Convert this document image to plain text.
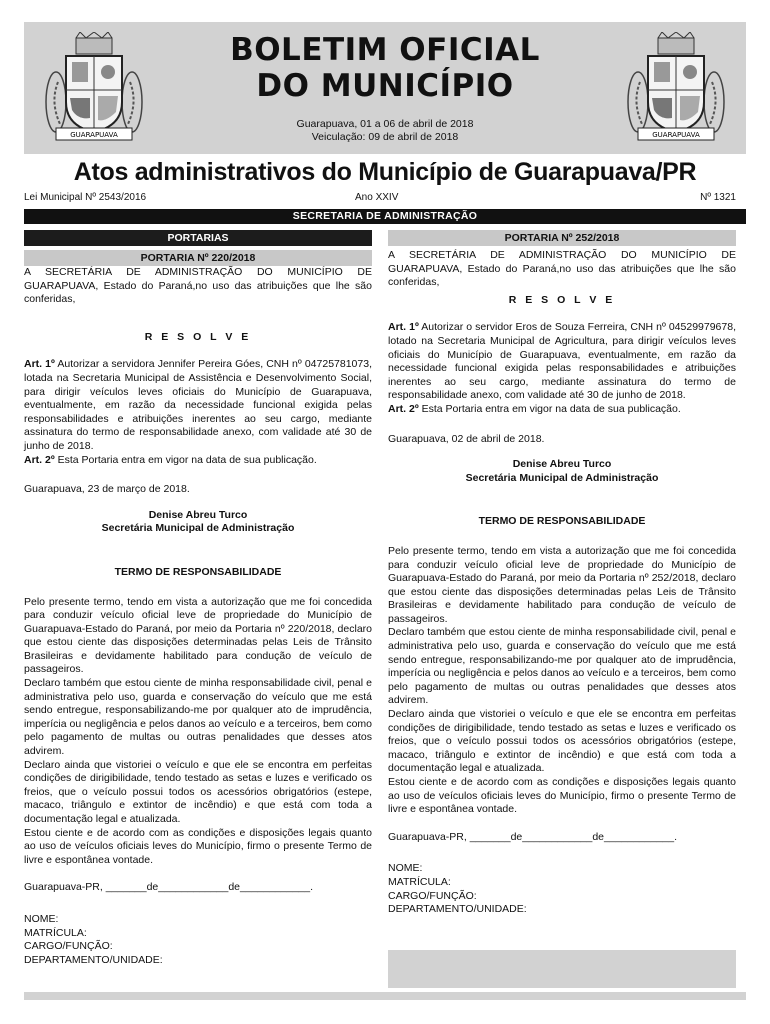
GUARAPUAVA
BOLETIM OFICIAL
DO MUNICÍPIO
Guarapuava, 01 a 06 de abril de 2018
Veiculação: 09 de abril de 2018	GUARAPUAVA
Atos administrativos do Município de Guarapuava/PR
Lei Municipal Nº 2543/2016	Ano XXIV	Nº 1321
SECRETARIA DE ADMINISTRAÇÃO
PORTARIAS
PORTARIA Nº 220/2018

A SECRETÁRIA DE ADMINISTRAÇÃO DO MUNICÍPIO DE GUARAPUAVA, Estado do Paraná,no uso das atribuições que lhe são conferidas,

R E S O L V E

Art. 1º Autorizar a servidora Jennifer Pereira Góes, CNH nº 04725781073, lotada na Secretaria Municipal de Assistência e Desenvolvimento Social, para dirigir veículos leves oficiais do Município de Guarapuava, eventualmente, em razão da necessidade funcional exigida pelas responsabilidades e atribuições inerentes ao seu cargo, mediante assinatura do termo de responsabilidade anexo, com validade até 30 de junho de 2018.

Art. 2º Esta Portaria entra em vigor na data de sua publicação.

Guarapuava, 23 de março de 2018.

Denise Abreu Turco

Secretária Municipal de Administração

TERMO DE RESPONSABILIDADE

Pelo presente termo, tendo em vista a autorização que me foi concedida para conduzir veículo oficial leve de propriedade do Município de Guarapuava-Estado do Paraná, por meio da Portaria nº 220/2018, declaro que estou ciente das disposições determinadas pelas Leis de Trânsito Brasileiras e devidamente habilitado para condução de veículo de passageiros.

Declaro também que estou ciente de minha responsabilidade civil, penal e administrativa pelo uso, guarda e conservação do veículo que me está sendo entregue, responsabilizando-me por qualquer ato de imprudência, imperícia ou negligência e pelos danos ao veículo e a terceiros, bem como pelo pagamento de multas ou outras penalidades que desses atos advirem.

Declaro ainda que vistoriei o veículo e que ele se encontra em perfeitas condições de dirigibilidade, tendo testado as setas e luzes e verificado os freios, que o veículo possui todos os acessórios obrigatórios (estepe, macaco, triângulo e extintor de incêndio) e que está com toda a documentação legal e atualizada.

Estou ciente e de acordo com as condições e disposições legais quanto ao uso de veículos oficiais leves do Município, firmo o presente Termo de livre e espontânea vontade.

Guarapuava-PR, _______de____________de____________.

NOME:

MATRÍCULA:

CARGO/FUNÇÃO:

DEPARTAMENTO/UNIDADE:

PORTARIA Nº 252/2018

A SECRETÁRIA DE ADMINISTRAÇÃO DO MUNICÍPIO DE GUARAPUAVA, Estado do Paraná,no uso das atribuições que lhe são conferidas,

R E S O L V E

Art. 1º Autorizar o servidor Eros de Souza Ferreira, CNH nº 04529979678, lotado na Secretaria Municipal de Agricultura, para dirigir veículos leves oficiais do Município de Guarapuava, eventualmente, em razão da necessidade funcional exigida pelas responsabilidades e atribuições inerentes ao seu cargo, mediante assinatura do termo de responsabilidade anexo, com validade até 30 de junho de 2018.

Art. 2º Esta Portaria entra em vigor na data de sua publicação.

Guarapuava, 02 de abril de 2018.

Denise Abreu Turco

Secretária Municipal de Administração

TERMO DE RESPONSABILIDADE

Pelo presente termo, tendo em vista a autorização que me foi concedida para conduzir veículo oficial leve de propriedade do Município de Guarapuava-Estado do Paraná, por meio da Portaria nº 252/2018, declaro que estou ciente das disposições determinadas pelas Leis de Trânsito Brasileiras e devidamente habilitado para condução de veículo de passageiros.

Declaro também que estou ciente de minha responsabilidade civil, penal e administrativa pelo uso, guarda e conservação do veículo que me está sendo entregue, responsabilizando-me por qualquer ato de imprudência, imperícia ou negligência e pelos danos ao veículo e a terceiros, bem como pelo pagamento de multas ou outras penalidades que desses atos advirem.

Declaro ainda que vistoriei o veículo e que ele se encontra em perfeitas condições de dirigibilidade, tendo testado as setas e luzes e verificado os freios, que o veículo possui todos os acessórios obrigatórios (estepe, macaco, triângulo e extintor de incêndio) e que está com toda a documentação legal e atualizada.

Estou ciente e de acordo com as condições e disposições legais quanto ao uso de veículos oficiais leves do Município, firmo o presente Termo de livre e espontânea vontade.

Guarapuava-PR, _______de____________de____________.

NOME:

MATRÍCULA:

CARGO/FUNÇÃO:

DEPARTAMENTO/UNIDADE:
